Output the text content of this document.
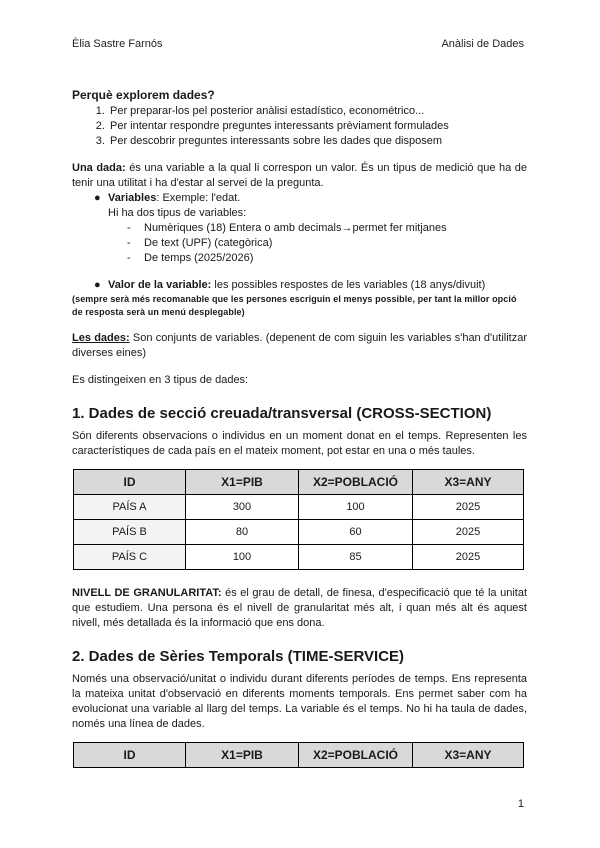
Èlia Sastre Farnós	Anàlisi de Dades

Perquè explorem dades?

1. Per preparar-los pel posterior anàlisi estadístico, econométrico...
2. Per intentar respondre preguntes interessants prèviament formulades
3. Per descobrir preguntes interessants sobre les dades que disposem

Una dada: és una variable a la qual li correspon un valor. És un tipus de medició que ha de tenir una utilitat i ha d'estar al servei de la pregunta.

● Variables: Exemple: l'edat.

Hi ha dos tipus de variables:

- Numèriques (18) Entera o amb decimals→permet fer mitjanes
- De text (UPF) (categòrica)
- De temps (2025/2026)
● Valor de la variable: les possibles respostes de les variables (18 anys/divuit)

(sempre serà més recomanable que les persones escriguin el menys possible, per tant la millor opció de resposta serà un menú desplegable)

Les dades: Son conjunts de variables. (depenent de com siguin les variables s'han d'utilitzar diverses eines)

Es distingeixen en 3 tipus de dades:

1. Dades de secció creuada/transversal (CROSS-SECTION)

Són diferents observacions o individus en un moment donat en el temps. Representen les característiques de cada país en el mateix moment, pot estar en una o més taules.

ID	X1=PIB	X2=POBLACIÓ	X3=ANY
PAÍS A	300	100	2025
PAÍS B	80	60	2025
PAÍS C	100	85	2025

NIVELL DE GRANULARITAT: és el grau de detall, de finesa, d'especificació que té la unitat que estudiem. Una persona és el nivell de granularitat més alt, i quan més alt és aquest nivell, més detallada és la informació que ens dona.

2. Dades de Sèries Temporals (TIME-SERVICE)

Només una observació/unitat o individu durant diferents períodes de temps. Ens representa la mateixa unitat d'observació en diferents moments temporals. Ens permet saber com ha evolucionat una variable al llarg del temps. La variable és el temps. No hi ha taula de dades, només una línea de dades.

ID	X1=PIB	X2=POBLACIÓ	X3=ANY
1
